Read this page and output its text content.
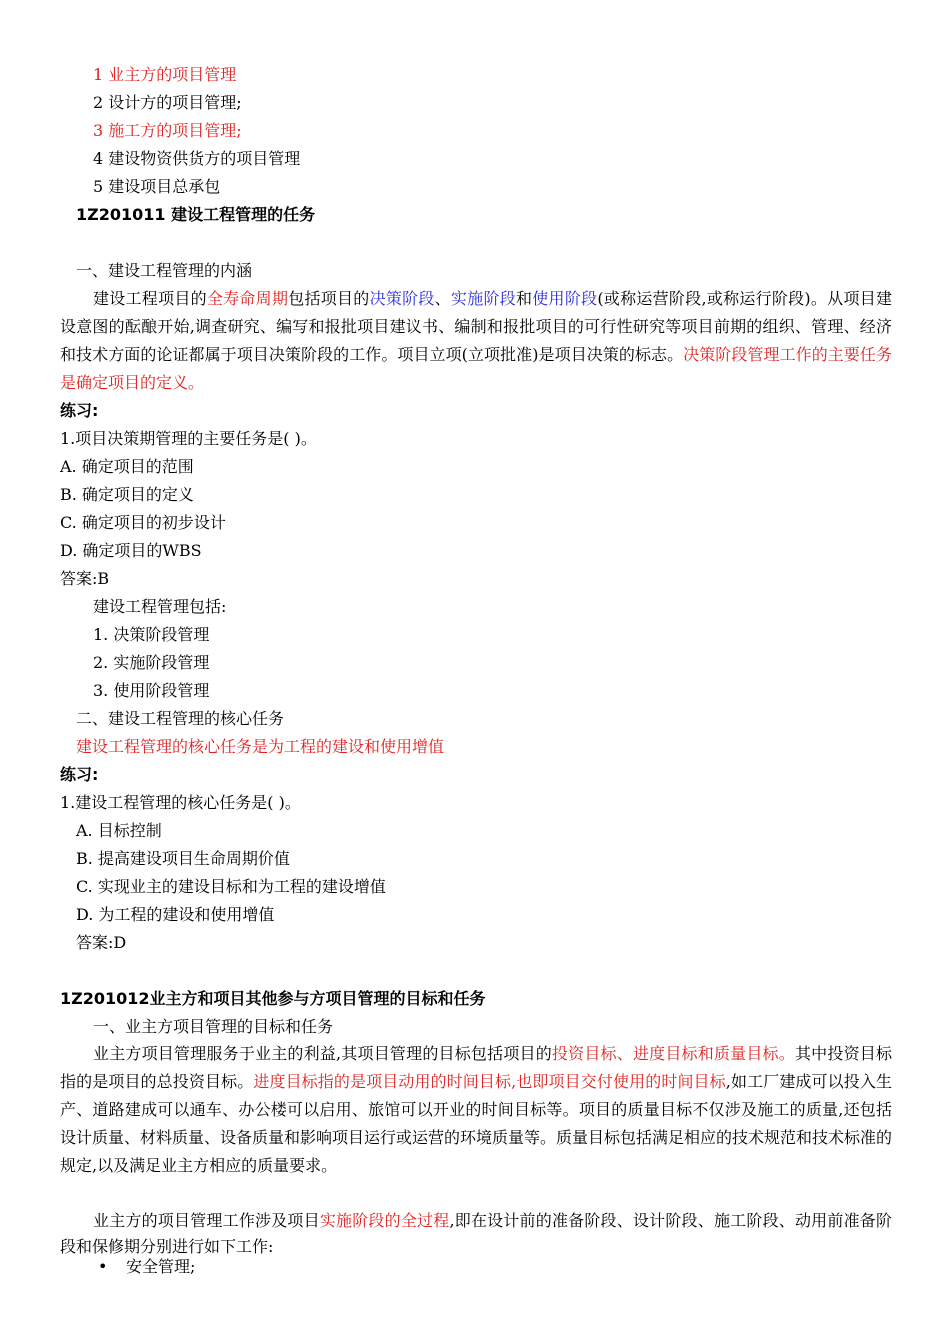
1 业主方的项目管理
2 设计方的项目管理;
3 施工方的项目管理;
4 建设物资供货方的项目管理
5 建设项目总承包
1Z201011 建设工程管理的任务
一、建设工程管理的内涵
建设工程项目的全寿命周期包括项目的决策阶段、实施阶段和使用阶段(或称运营阶段,或称运行阶段)。从项目建设意图的酝酿开始,调查研究、编写和报批项目建议书、编制和报批项目的可行性研究等项目前期的组织、管理、经济和技术方面的论证都属于项目决策阶段的工作。项目立项(立项批准)是项目决策的标志。决策阶段管理工作的主要任务是确定项目的定义。
练习:
1.项目决策期管理的主要任务是( )。
A. 确定项目的范围
B. 确定项目的定义
C. 确定项目的初步设计
D. 确定项目的WBS
答案:B
建设工程管理包括:
1. 决策阶段管理
2. 实施阶段管理
3. 使用阶段管理
二、建设工程管理的核心任务
建设工程管理的核心任务是为工程的建设和使用增值
练习:
1.建设工程管理的核心任务是( )。
A. 目标控制
B. 提高建设项目生命周期价值
C. 实现业主的建设目标和为工程的建设增值
D. 为工程的建设和使用增值
答案:D
1Z201012业主方和项目其他参与方项目管理的目标和任务
一、业主方项目管理的目标和任务
业主方项目管理服务于业主的利益,其项目管理的目标包括项目的投资目标、进度目标和质量目标。其中投资目标指的是项目的总投资目标。进度目标指的是项目动用的时间目标,也即项目交付使用的时间目标,如工厂建成可以投入生产、道路建成可以通车、办公楼可以启用、旅馆可以开业的时间目标等。项目的质量目标不仅涉及施工的质量,还包括设计质量、材料质量、设备质量和影响项目运行或运营的环境质量等。质量目标包括满足相应的技术规范和技术标准的规定,以及满足业主方相应的质量要求。
业主方的项目管理工作涉及项目实施阶段的全过程,即在设计前的准备阶段、设计阶段、施工阶段、动用前准备阶段和保修期分别进行如下工作:
• 安全管理;
